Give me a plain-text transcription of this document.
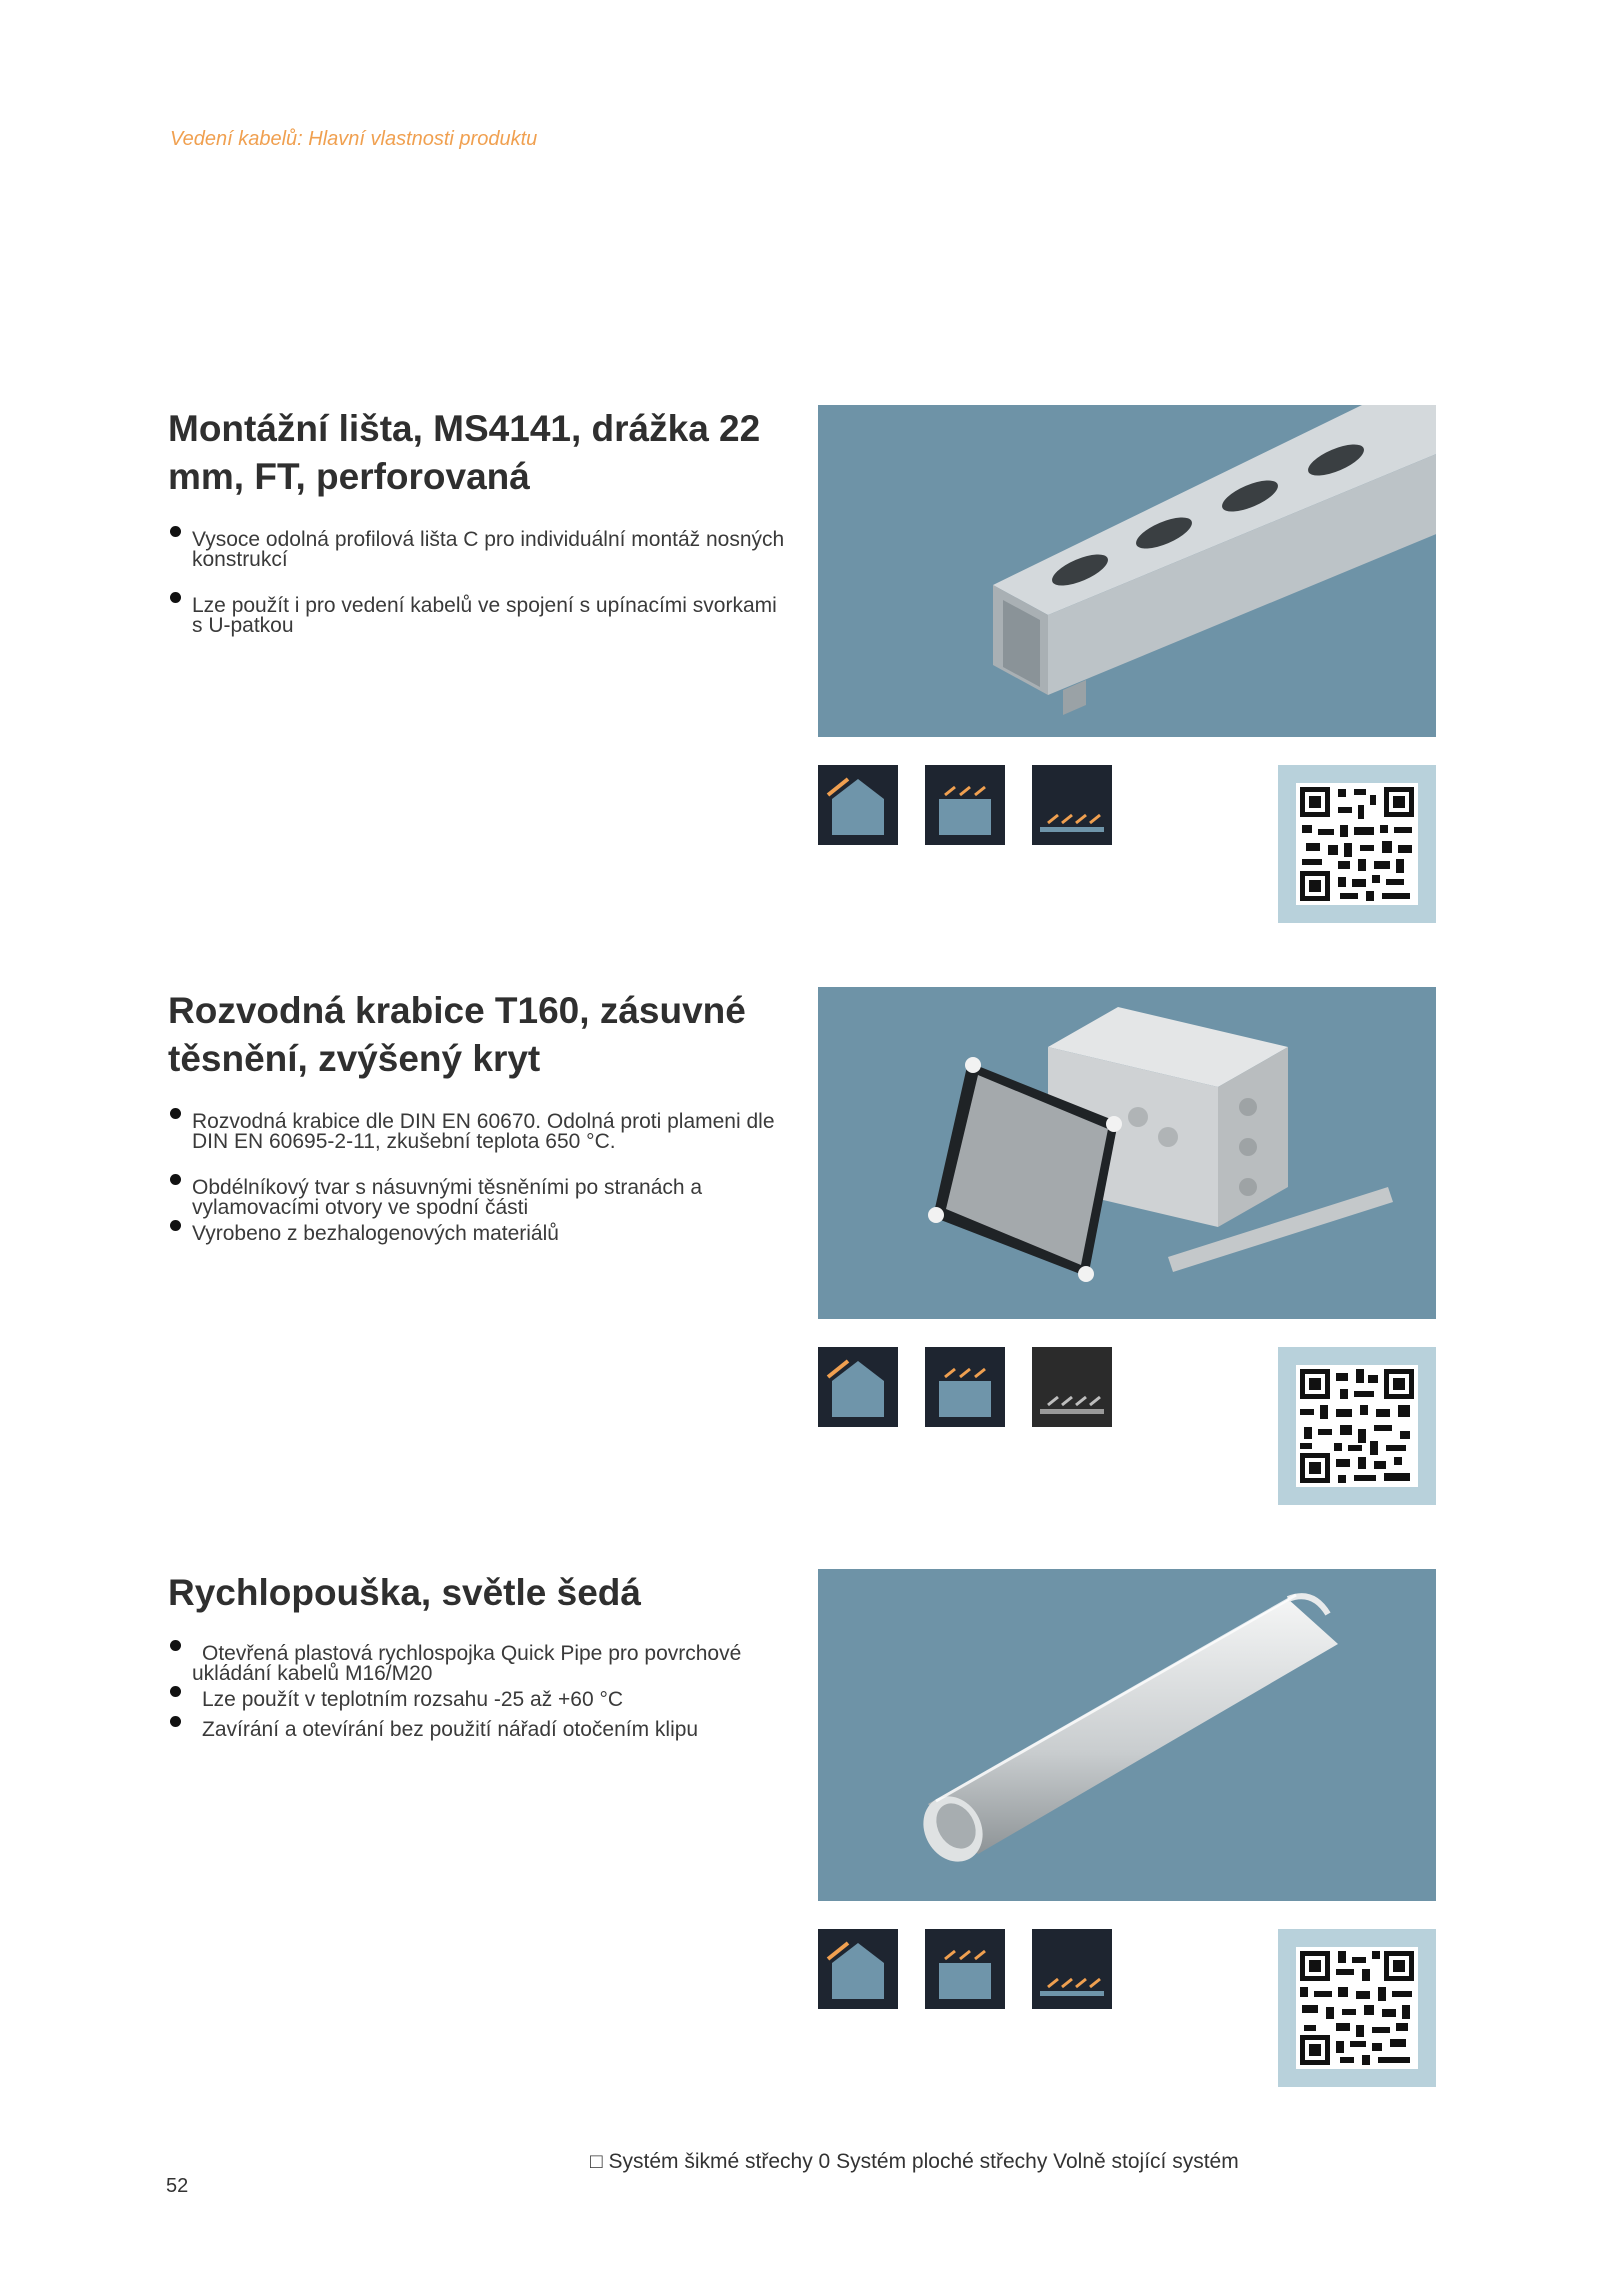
Vedení kabelů: Hlavní vlastnosti produktu
Montážní lišta, MS4141, drážka 22 mm, FT, perforovaná
Vysoce odolná profilová lišta C pro individuální montáž nosných konstrukcí
Lze použít i pro vedení kabelů ve spojení s upínacími svorkami s U-patkou
Rozvodná krabice T160, zásuvné těsnění, zvýšený kryt
Rozvodná krabice dle DIN EN 60670. Odolná proti plameni dle DIN EN 60695-2-11, zkušební teplota 650 °C.
Obdélníkový tvar s násuvnými těsněními po stranách a vylamovacími otvory ve spodní části
Vyrobeno z bezhalogenových materiálů
Rychlopouška, světle šedá
Otevřená plastová rychlospojka Quick Pipe pro povrchové ukládání kabelů M16/M20
Lze použít v teplotním rozsahu -25 až +60 °C
Zavírání a otevírání bez použití nářadí otočením klipu
□ Systém šikmé střechy 0 Systém ploché střechy Volně stojící systém
52
